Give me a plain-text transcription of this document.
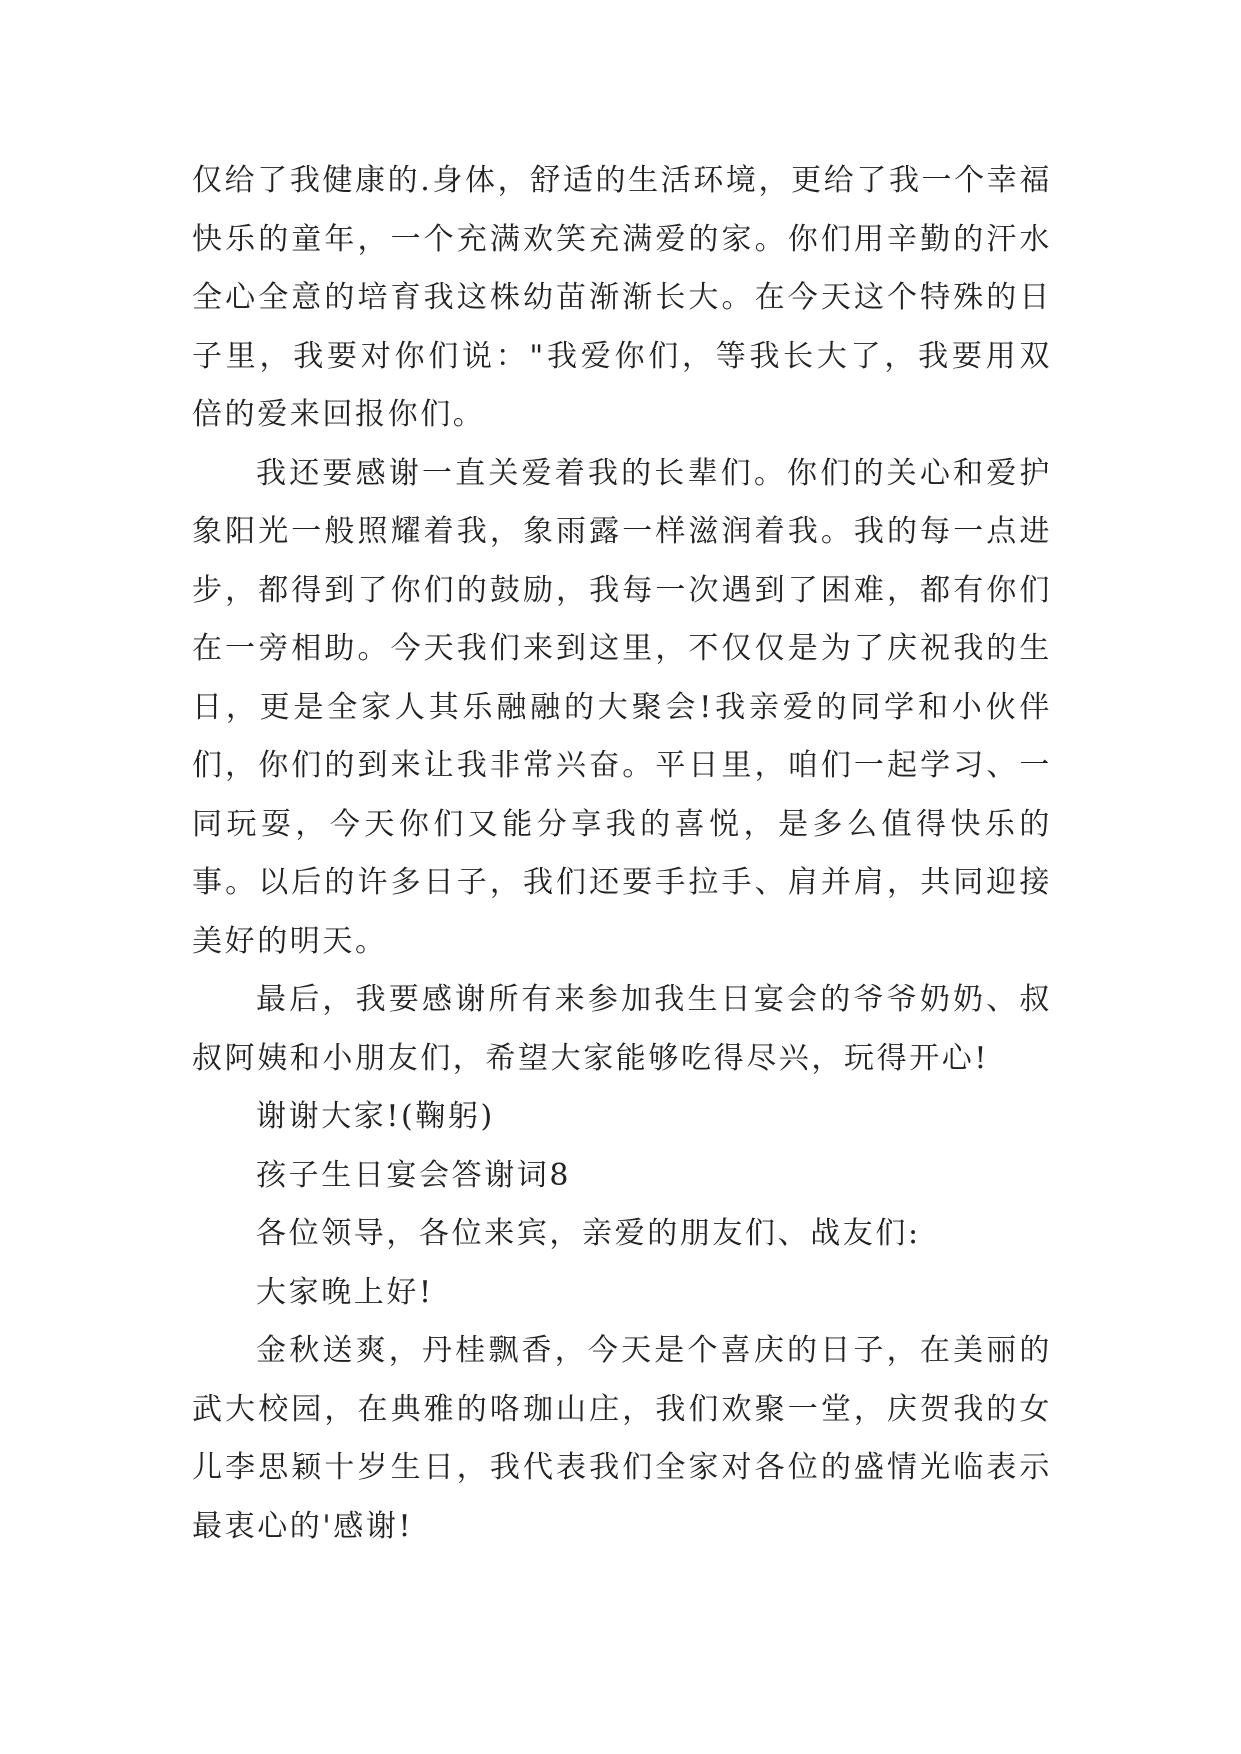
仅给了我健康的.身体，舒适的生活环境，更给了我一个幸福快乐的童年，一个充满欢笑充满爱的家。你们用辛勤的汗水全心全意的培育我这株幼苗渐渐长大。在今天这个特殊的日子里，我要对你们说："我爱你们，等我长大了，我要用双倍的爱来回报你们。

我还要感谢一直关爱着我的长辈们。你们的关心和爱护象阳光一般照耀着我，象雨露一样滋润着我。我的每一点进步，都得到了你们的鼓励，我每一次遇到了困难，都有你们在一旁相助。今天我们来到这里，不仅仅是为了庆祝我的生日，更是全家人其乐融融的大聚会!我亲爱的同学和小伙伴们，你们的到来让我非常兴奋。平日里，咱们一起学习、一同玩耍，今天你们又能分享我的喜悦，是多么值得快乐的事。以后的许多日子，我们还要手拉手、肩并肩，共同迎接美好的明天。

最后，我要感谢所有来参加我生日宴会的爷爷奶奶、叔叔阿姨和小朋友们，希望大家能够吃得尽兴，玩得开心!

谢谢大家!(鞠躬)

孩子生日宴会答谢词8

各位领导，各位来宾，亲爱的朋友们、战友们:

大家晚上好!

金秋送爽，丹桂飘香，今天是个喜庆的日子，在美丽的武大校园，在典雅的咯珈山庄，我们欢聚一堂，庆贺我的女儿李思颖十岁生日，我代表我们全家对各位的盛情光临表示最衷心的'感谢!
